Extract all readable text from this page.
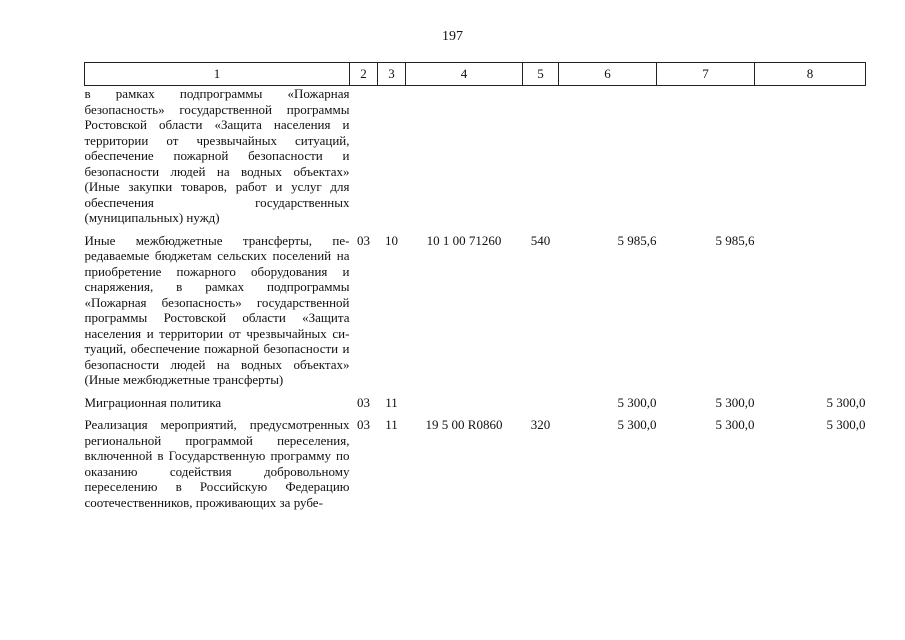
197
1	2	3	4	5	6	7	8
в рамках подпрограммы «Пожарная безопасность» государственной программы Ростовской области «Защита населения и территории от чрезвычайных ситуаций, обеспечение пожарной безопасности и безопасности людей на водных объектах» (Иные закупки товаров, работ и услуг для обеспечения государственных (муниципальных) нужд)							
Иные межбюджетные трансферты, передаваемые бюджетам сельских поселений на приобретение пожарного оборудования и снаряжения, в рамках подпрограммы «Пожарная безопасность» государственной программы Ростовской области «Защита населения и территории от чрезвычайных ситуаций, обеспечение пожарной безопасности и безопасности людей на водных объектах» (Иные межбюджетные трансферты)	03	10	10 1 00 71260	540	5 985,6	5 985,6	
Миграционная политика	03	11			5 300,0	5 300,0	5 300,0
Реализация мероприятий, предусмотренных региональной программой переселения, включенной в Государственную программу по оказанию содействия добровольному переселению в Российскую Федерацию соотечественников, проживающих за рубе-	03	11	19 5 00 R0860	320	5 300,0	5 300,0	5 300,0
